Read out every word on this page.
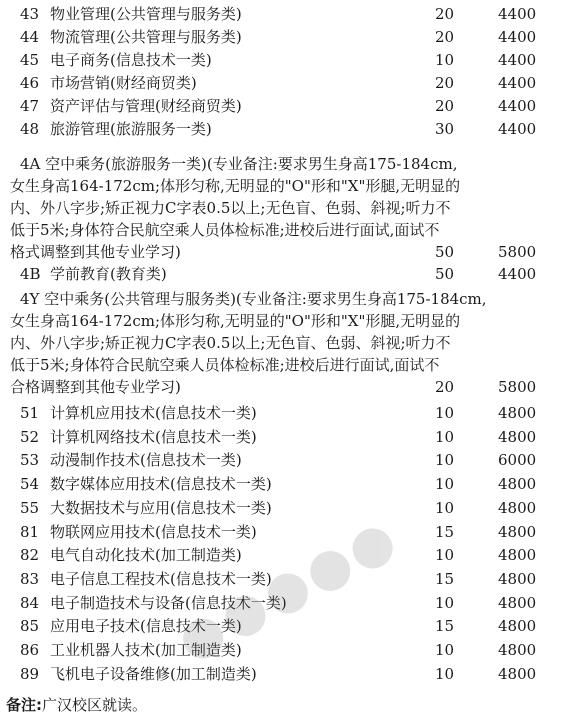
43 物业管理(公共管理与服务类)	20	4400
44 物流管理(公共管理与服务类)	20	4400
45 电子商务(信息技术一类)	10	4400
46 市场营销(财经商贸类)	20	4400
47 资产评估与管理(财经商贸类)	20	4400
48 旅游管理(旅游服务一类)	30	4400
4A 空中乘务(旅游服务一类)(专业备注:要求男生身高175-184cm,
女生身高164-172cm;体形匀称,无明显的"O"形和"X"形腿,无明显的
内、外八字步;矫正视力C字表0.5以上;无色盲、色弱、斜视;听力不
低于5米;身体符合民航空乘人员体检标准;进校后进行面试,面试不
格式调整到其他专业学习)	50	5800
4B 学前教育(教育类)	50	4400
4Y 空中乘务(公共管理与服务类)(专业备注:要求男生身高175-184cm,
女生身高164-172cm;体形匀称,无明显的"O"形和"X"形腿,无明显的
内、外八字步;矫正视力C字表0.5以上;无色盲、色弱、斜视;听力不
低于5米;身体符合民航空乘人员体检标准;进校后进行面试,面试不
合格调整到其他专业学习)	20	5800
51 计算机应用技术(信息技术一类)	10	4800
52 计算机网络技术(信息技术一类)	10	4800
53 动漫制作技术(信息技术一类)	10	6000
54 数字媒体应用技术(信息技术一类)	10	4800
55 大数据技术与应用(信息技术一类)	10	4800
81 物联网应用技术(信息技术一类)	15	4800
82 电气自动化技术(加工制造类)	10	4800
83 电子信息工程技术(信息技术一类)	15	4800
84 电子制造技术与设备(信息技术一类)	10	4800
85 应用电子技术(信息技术一类)	15	4800
86 工业机器人技术(加工制造类)	10	4800
89 飞机电子设备维修(加工制造类)	10	4800
备注:广汉校区就读。
